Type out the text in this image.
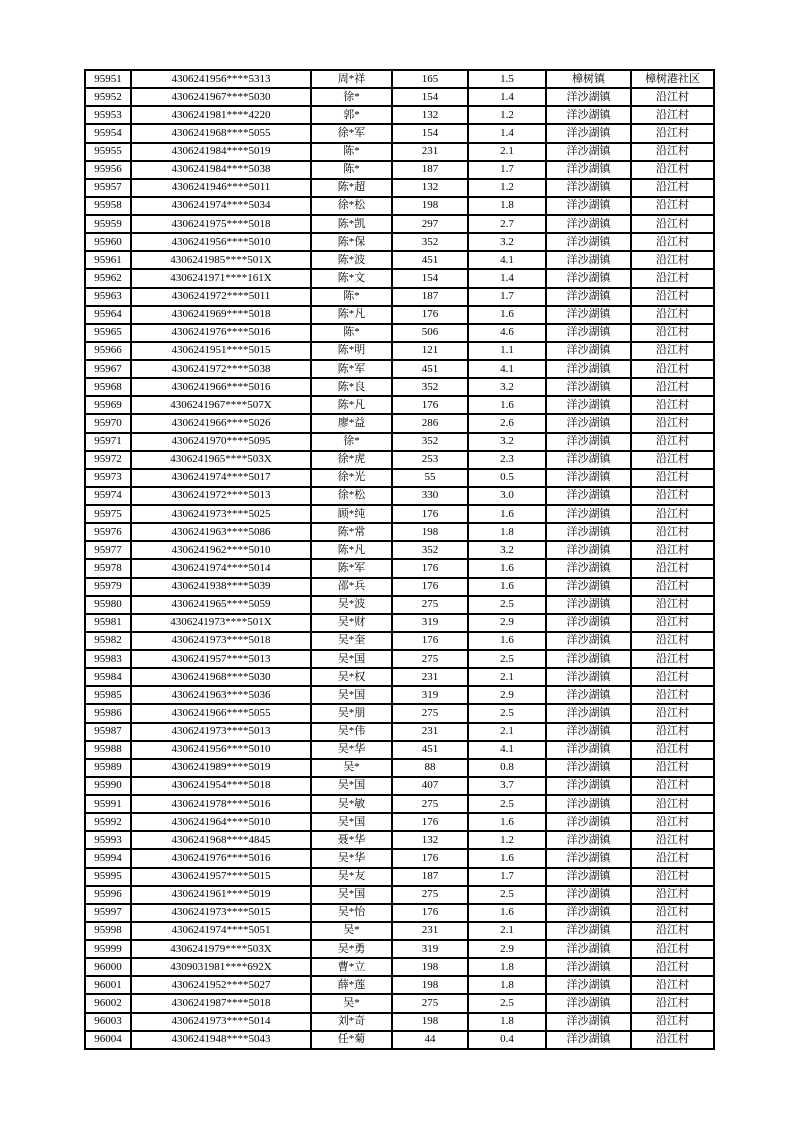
95951	4306241956****5313	周*祥	165	1.5	樟树镇	樟树港社区
95952	4306241967****5030	徐*	154	1.4	洋沙湖镇	沿江村
95953	4306241981****4220	郭*	132	1.2	洋沙湖镇	沿江村
95954	4306241968****5055	徐*军	154	1.4	洋沙湖镇	沿江村
95955	4306241984****5019	陈*	231	2.1	洋沙湖镇	沿江村
95956	4306241984****5038	陈*	187	1.7	洋沙湖镇	沿江村
95957	4306241946****5011	陈*超	132	1.2	洋沙湖镇	沿江村
95958	4306241974****5034	徐*松	198	1.8	洋沙湖镇	沿江村
95959	4306241975****5018	陈*凯	297	2.7	洋沙湖镇	沿江村
95960	4306241956****5010	陈*保	352	3.2	洋沙湖镇	沿江村
95961	4306241985****501X	陈*波	451	4.1	洋沙湖镇	沿江村
95962	4306241971****161X	陈*文	154	1.4	洋沙湖镇	沿江村
95963	4306241972****5011	陈*	187	1.7	洋沙湖镇	沿江村
95964	4306241969****5018	陈*凡	176	1.6	洋沙湖镇	沿江村
95965	4306241976****5016	陈*	506	4.6	洋沙湖镇	沿江村
95966	4306241951****5015	陈*明	121	1.1	洋沙湖镇	沿江村
95967	4306241972****5038	陈*军	451	4.1	洋沙湖镇	沿江村
95968	4306241966****5016	陈*良	352	3.2	洋沙湖镇	沿江村
95969	4306241967****507X	陈*凡	176	1.6	洋沙湖镇	沿江村
95970	4306241966****5026	廖*益	286	2.6	洋沙湖镇	沿江村
95971	4306241970****5095	徐*	352	3.2	洋沙湖镇	沿江村
95972	4306241965****503X	徐*虎	253	2.3	洋沙湖镇	沿江村
95973	4306241974****5017	徐*光	55	0.5	洋沙湖镇	沿江村
95974	4306241972****5013	徐*松	330	3.0	洋沙湖镇	沿江村
95975	4306241973****5025	顾*纯	176	1.6	洋沙湖镇	沿江村
95976	4306241963****5086	陈*常	198	1.8	洋沙湖镇	沿江村
95977	4306241962****5010	陈*凡	352	3.2	洋沙湖镇	沿江村
95978	4306241974****5014	陈*军	176	1.6	洋沙湖镇	沿江村
95979	4306241938****5039	邵*兵	176	1.6	洋沙湖镇	沿江村
95980	4306241965****5059	吴*波	275	2.5	洋沙湖镇	沿江村
95981	4306241973****501X	吴*财	319	2.9	洋沙湖镇	沿江村
95982	4306241973****5018	吴*奎	176	1.6	洋沙湖镇	沿江村
95983	4306241957****5013	吴*国	275	2.5	洋沙湖镇	沿江村
95984	4306241968****5030	吴*权	231	2.1	洋沙湖镇	沿江村
95985	4306241963****5036	吴*国	319	2.9	洋沙湖镇	沿江村
95986	4306241966****5055	吴*朋	275	2.5	洋沙湖镇	沿江村
95987	4306241973****5013	吴*伟	231	2.1	洋沙湖镇	沿江村
95988	4306241956****5010	吴*华	451	4.1	洋沙湖镇	沿江村
95989	4306241989****5019	吴*	88	0.8	洋沙湖镇	沿江村
95990	4306241954****5018	吴*国	407	3.7	洋沙湖镇	沿江村
95991	4306241978****5016	吴*敏	275	2.5	洋沙湖镇	沿江村
95992	4306241964****5010	吴*国	176	1.6	洋沙湖镇	沿江村
95993	4306241968****4845	聂*华	132	1.2	洋沙湖镇	沿江村
95994	4306241976****5016	吴*华	176	1.6	洋沙湖镇	沿江村
95995	4306241957****5015	吴*友	187	1.7	洋沙湖镇	沿江村
95996	4306241961****5019	吴*国	275	2.5	洋沙湖镇	沿江村
95997	4306241973****5015	吴*怡	176	1.6	洋沙湖镇	沿江村
95998	4306241974****5051	吴*	231	2.1	洋沙湖镇	沿江村
95999	4306241979****503X	吴*勇	319	2.9	洋沙湖镇	沿江村
96000	4309031981****692X	曹*立	198	1.8	洋沙湖镇	沿江村
96001	4306241952****5027	薛*莲	198	1.8	洋沙湖镇	沿江村
96002	4306241987****5018	吴*	275	2.5	洋沙湖镇	沿江村
96003	4306241973****5014	刘*奇	198	1.8	洋沙湖镇	沿江村
96004	4306241948****5043	任*菊	44	0.4	洋沙湖镇	沿江村
